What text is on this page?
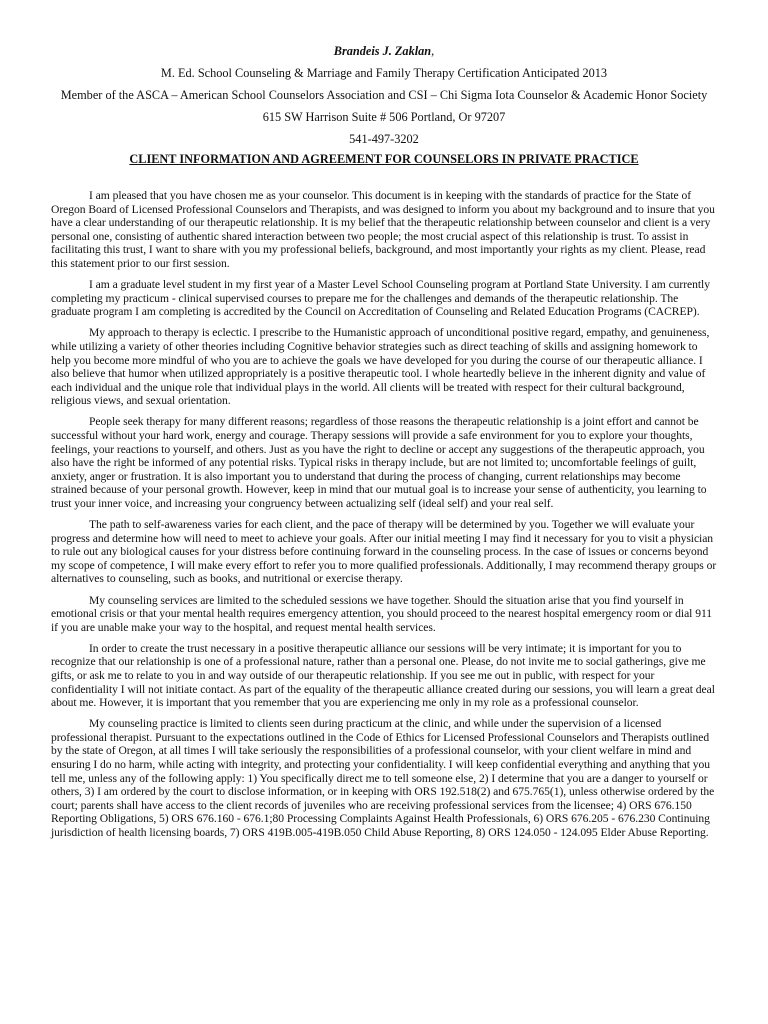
Brandeis J. Zaklan,
M. Ed. School Counseling & Marriage and Family Therapy Certification Anticipated 2013
Member of the ASCA – American School Counselors Association and CSI – Chi Sigma Iota Counselor & Academic Honor Society
615 SW Harrison Suite # 506 Portland, Or 97207
541-497-3202
CLIENT INFORMATION AND AGREEMENT FOR COUNSELORS IN PRIVATE PRACTICE

I am pleased that you have chosen me as your counselor. This document is in keeping with the standards of practice for the State of Oregon Board of Licensed Professional Counselors and Therapists, and was designed to inform you about my background and to insure that you have a clear understanding of our therapeutic relationship. It is my belief that the therapeutic relationship between counselor and client is a very personal one, consisting of authentic shared interaction between two people; the most crucial aspect of this relationship is trust. To assist in facilitating this trust, I want to share with you my professional beliefs, background, and most importantly your rights as my client. Please, read this statement prior to our first session.

I am a graduate level student in my first year of a Master Level School Counseling program at Portland State University. I am currently completing my practicum - clinical supervised courses to prepare me for the challenges and demands of the therapeutic relationship. The graduate program I am completing is accredited by the Council on Accreditation of Counseling and Related Education Programs (CACREP).

My approach to therapy is eclectic. I prescribe to the Humanistic approach of unconditional positive regard, empathy, and genuineness, while utilizing a variety of other theories including Cognitive behavior strategies such as direct teaching of skills and assigning homework to help you become more mindful of who you are to achieve the goals we have developed for you during the course of our therapeutic alliance. I also believe that humor when utilized appropriately is a positive therapeutic tool. I whole heartedly believe in the inherent dignity and value of each individual and the unique role that individual plays in the world. All clients will be treated with respect for their cultural background, religious views, and sexual orientation.

People seek therapy for many different reasons; regardless of those reasons the therapeutic relationship is a joint effort and cannot be successful without your hard work, energy and courage. Therapy sessions will provide a safe environment for you to explore your thoughts, feelings, your reactions to yourself, and others. Just as you have the right to decline or accept any suggestions of the therapeutic approach, you also have the right be informed of any potential risks. Typical risks in therapy include, but are not limited to; uncomfortable feelings of guilt, anxiety, anger or frustration. It is also important you to understand that during the process of changing, current relationships may become strained because of your personal growth. However, keep in mind that our mutual goal is to increase your sense of authenticity, you learning to trust your inner voice, and increasing your congruency between actualizing self (ideal self) and your real self.

The path to self-awareness varies for each client, and the pace of therapy will be determined by you. Together we will evaluate your progress and determine how will need to meet to achieve your goals. After our initial meeting I may find it necessary for you to visit a physician to rule out any biological causes for your distress before continuing forward in the counseling process. In the case of issues or concerns beyond my scope of competence, I will make every effort to refer you to more qualified professionals. Additionally, I may recommend therapy groups or alternatives to counseling, such as books, and nutritional or exercise therapy.

My counseling services are limited to the scheduled sessions we have together. Should the situation arise that you find yourself in emotional crisis or that your mental health requires emergency attention, you should proceed to the nearest hospital emergency room or dial 911 if you are unable make your way to the hospital, and request mental health services.

In order to create the trust necessary in a positive therapeutic alliance our sessions will be very intimate; it is important for you to recognize that our relationship is one of a professional nature, rather than a personal one. Please, do not invite me to social gatherings, give me gifts, or ask me to relate to you in and way outside of our therapeutic relationship. If you see me out in public, with respect for your confidentiality I will not initiate contact. As part of the equality of the therapeutic alliance created during our sessions, you will learn a great deal about me. However, it is important that you remember that you are experiencing me only in my role as a professional counselor.

My counseling practice is limited to clients seen during practicum at the clinic, and while under the supervision of a licensed professional therapist. Pursuant to the expectations outlined in the Code of Ethics for Licensed Professional Counselors and Therapists outlined by the state of Oregon, at all times I will take seriously the responsibilities of a professional counselor, with your client welfare in mind and ensuring I do no harm, while acting with integrity, and protecting your confidentiality. I will keep confidential everything and anything that you tell me, unless any of the following apply: 1) You specifically direct me to tell someone else, 2) I determine that you are a danger to yourself or others, 3) I am ordered by the court to disclose information, or in keeping with ORS 192.518(2) and 675.765(1), unless otherwise ordered by the court; parents shall have access to the client records of juveniles who are receiving professional services from the licensee; 4) ORS 676.150 Reporting Obligations, 5) ORS 676.160 - 676.1;80 Processing Complaints Against Health Professionals, 6) ORS 676.205 - 676.230 Continuing jurisdiction of health licensing boards, 7) ORS 419B.005-419B.050 Child Abuse Reporting, 8) ORS 124.050 - 124.095 Elder Abuse Reporting.
